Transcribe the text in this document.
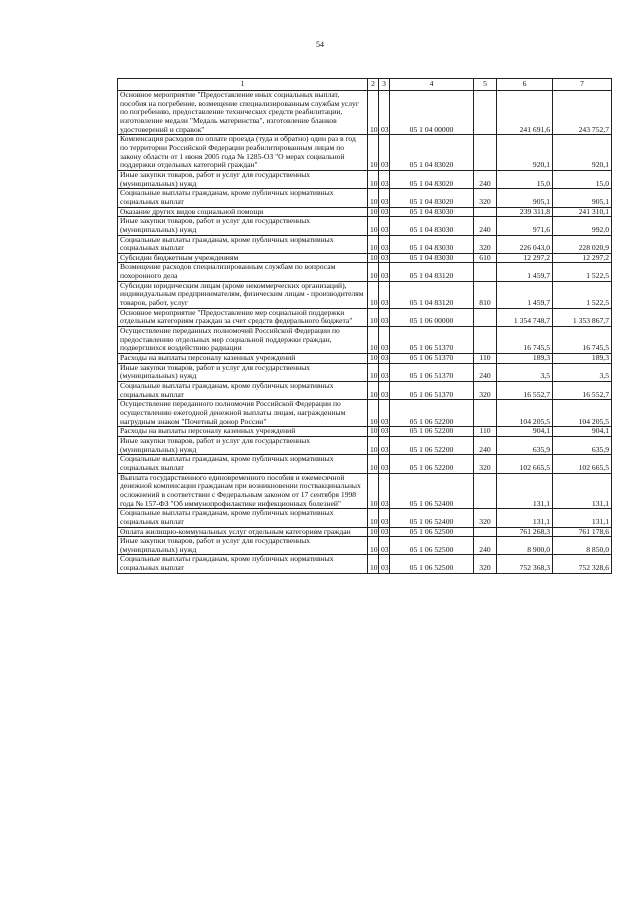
54
1	2	3	4	5	6	7
Основное мероприятие "Предоставление иных социальных выплат, пособия на погребение, возмещение специализированным службам услуг по погребению, предоставление технических средств реабилитации, изготовление медали "Медаль материнства", изготовление бланков удостоверений и справок"	10	03	05 1 04 00000		241 691,6	243 752,7
Компенсация расходов по оплате проезда (туда и обратно) один раз в год по территории Российской Федерации реабилитированным лицам по закону области от 1 июня 2005 года № 1285-ОЗ "О мерах социальной поддержки отдельных категорий граждан"	10	03	05 1 04 83020		920,1	920,1
Иные закупки товаров, работ и услуг для государственных (муниципальных) нужд	10	03	05 1 04 83020	240	15,0	15,0
Социальные выплаты гражданам, кроме публичных нормативных социальных выплат	10	03	05 1 04 83020	320	905,1	905,1
Оказание других видов социальной помощи	10	03	05 1 04 83030		239 311,8	241 310,1
Иные закупки товаров, работ и услуг для государственных (муниципальных) нужд	10	03	05 1 04 83030	240	971,6	992,0
Социальные выплаты гражданам, кроме публичных нормативных социальных выплат	10	03	05 1 04 83030	320	226 043,0	228 020,9
Субсидии бюджетным учреждениям	10	03	05 1 04 83030	610	12 297,2	12 297,2
Возмещение расходов специализированным службам по вопросам похоронного дела	10	03	05 1 04 83120		1 459,7	1 522,5
Субсидии юридическим лицам (кроме некоммерческих организаций), индивидуальным предпринимателям, физическим лицам - производителям товаров, работ, услуг	10	03	05 1 04 83120	810	1 459,7	1 522,5
Основное мероприятие "Предоставление мер социальной поддержки отдельным категориям граждан за счет средств федерального бюджета"	10	03	05 1 06 00000		1 354 748,7	1 353 867,7
Осуществление переданных полномочий Российской Федерации по предоставлению отдельных мер социальной поддержки граждан, подвергшихся воздействию радиации	10	03	05 1 06 51370		16 745,5	16 745,5
Расходы на выплаты персоналу казенных учреждений	10	03	05 1 06 51370	110	189,3	189,3
Иные закупки товаров, работ и услуг для государственных (муниципальных) нужд	10	03	05 1 06 51370	240	3,5	3,5
Социальные выплаты гражданам, кроме публичных нормативных социальных выплат	10	03	05 1 06 51370	320	16 552,7	16 552,7
Осуществление переданного полномочия Российской Федерации по осуществлению ежегодной денежной выплаты лицам, награжденным нагрудным знаком "Почетный донор России"	10	03	05 1 06 52200		104 205,5	104 205,5
Расходы на выплаты персоналу казенных учреждений	10	03	05 1 06 52200	110	904,1	904,1
Иные закупки товаров, работ и услуг для государственных (муниципальных) нужд	10	03	05 1 06 52200	240	635,9	635,9
Социальные выплаты гражданам, кроме публичных нормативных социальных выплат	10	03	05 1 06 52200	320	102 665,5	102 665,5
Выплата государственного единовременного пособия и ежемесячной денежной компенсации гражданам при возникновении поствакцинальных осложнений в соответствии с Федеральным законом от 17 сентября 1998 года № 157-ФЗ "Об иммунопрофилактике инфекционных болезней"	10	03	05 1 06 52400		131,1	131,1
Социальные выплаты гражданам, кроме публичных нормативных социальных выплат	10	03	05 1 06 52400	320	131,1	131,1
Оплата жилищно-коммунальных услуг отдельным категориям граждан	10	03	05 1 06 52500		761 268,3	761 178,6
Иные закупки товаров, работ и услуг для государственных (муниципальных) нужд	10	03	05 1 06 52500	240	8 900,0	8 850,0
Социальные выплаты гражданам, кроме публичных нормативных социальных выплат	10	03	05 1 06 52500	320	752 368,3	752 328,6
